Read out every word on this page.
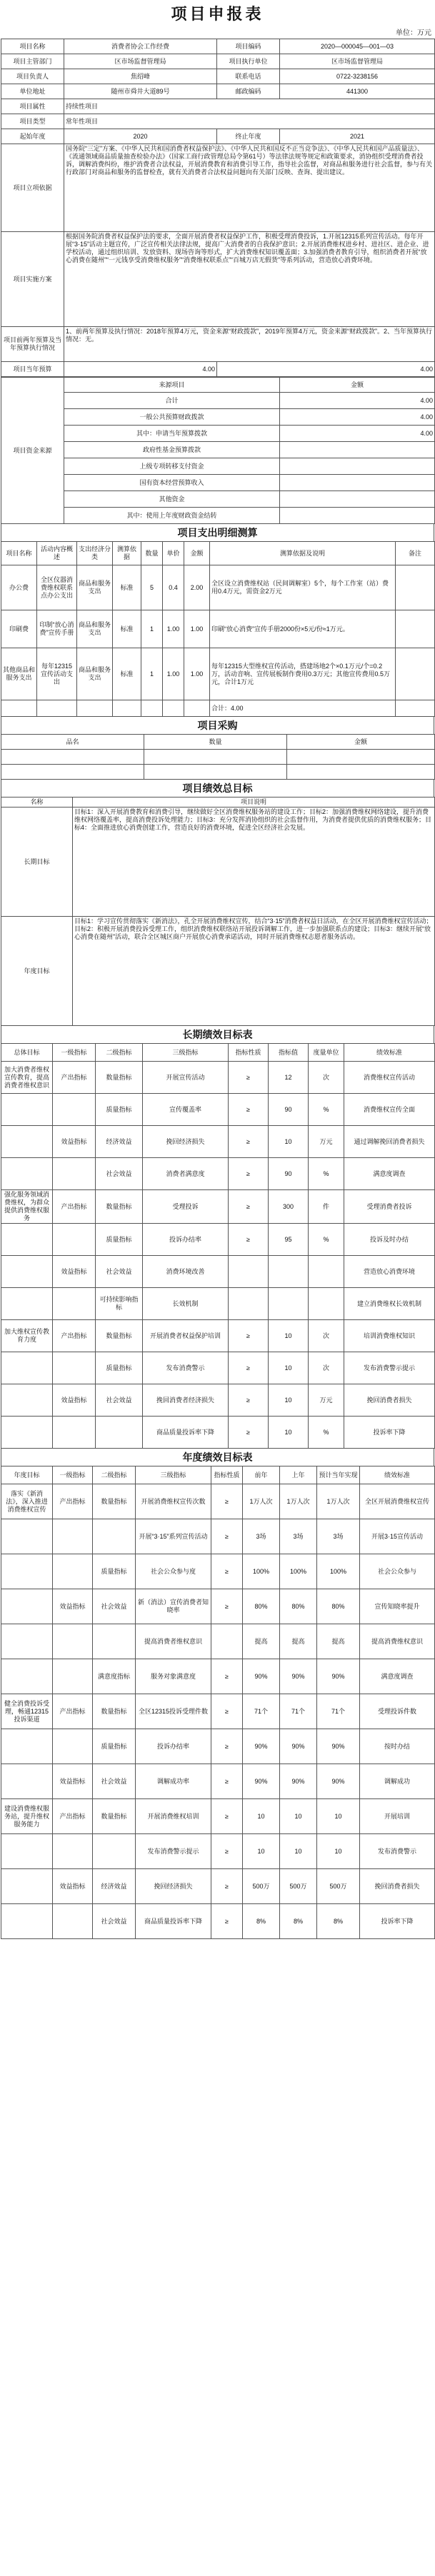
项目申报表
单位：万元
项目名称	消费者协会工作经费	项目编码	2020—000045—001—03
项目主管部门	区市场监督管理局	项目执行单位	区市场监督管理局
项目负责人	焦绍峰	联系电话	0722-3238156
单位地址	随州市舜井大道89号	邮政编码	441300
项目属性	持续性项目		
项目类型	常年性项目		
起始年度	2020	终止年度	2021
项目立项依据	国务院“三定”方案、《中华人民共和国消费者权益保护法》、《中华人民共和国反不正当竞争法》、《中华人民共和国产品质量法》、《流通领域商品质量抽查检验办法》（国家工商行政管理总局令第61号）等法律法规等规定和政策要求，消协组织受理消费者投诉，调解消费纠纷，维护消费者合法权益，开展消费教育和消费引导工作，指导社会监督，对商品和服务进行社会监督，参与有关行政部门对商品和服务的监督检查，就有关消费者合法权益问题向有关部门反映、查询、提出建议。		
项目实施方案	根据国务院消费者权益保护法的要求，全面开展消费者权益保护工作，积极受理消费投诉，1.开展12315系列宣传活动。每年开展“3·15”活动主题宣传，广泛宣传相关法律法规，提高广大消费者的自我保护意识；2.开展消费维权进乡村、进社区、进企业、进学校活动，通过组织培训、发放资料、现场咨询等形式，扩大消费维权知识覆盖面；3.加强消费者教育引导，组织消费者开展“放心消费在随州”“一元钱享受消费维权服务”“消费维权联系点”“百城万店无假货”等系列活动，营造放心消费环境。		
项目前两年预算及当年预算执行情况	1、前两年预算及执行情况：2018年预算4万元，资金来源“财政拨款”，2019年预算4万元，资金来源“财政拨款”。2、当年预算执行情况：无。		
项目当年预算	4.00	4.00	
项目资金来源	来源项目	金额
	合计	4.00
	一般公共预算财政拨款	4.00
	其中：申请当年预算拨款	4.00
	政府性基金预算拨款	
	上级专项转移支付资金	
	国有资本经营预算收入	
	其他资金	
	其中：使用上年度财政资金结转	
项目支出明细测算
项目名称	活动内容概述	支出经济分类	测算依据	数量	单价	金额	测算依据及说明	备注
办公费	全区仪器消费维权联系点办公支出	商品和服务支出	标准	5	0.4	2.00	全区设立消费维权站（民间调解室）5个，每个工作室（站）费用0.4万元，需资金2万元	
印刷费	印制“放心消费”宣传手册	商品和服务支出	标准	1	1.00	1.00	印刷“放心消费”宣传手册2000份×5元/份≈1万元。	
其他商品和服务支出	每年12315宣传活动支出	商品和服务支出	标准	1	1.00	1.00	每年12315大型维权宣传活动，搭建场地2个×0.1万元/个=0.2万，活动音响、宣传展板制作费用0.3万元；其他宣传费用0.5万元，合计1万元	
							合计：4.00	
项目采购
品名	数量	金额

项目绩效总目标
名称	项目说明
长期目标	目标1：深入开展消费教育和消费引导，继续做好全区消费维权服务站的建设工作；目标2：加强消费维权网络建设，提升消费维权网络覆盖率，提高消费投诉处理能力；目标3：充分发挥消协组织的社会监督作用，为消费者提供优质的消费维权服务；目标4：全面推进放心消费创建工作，营造良好的消费环境，促进全区经济社会发展。
年度目标	目标1：学习宣传贯彻落实《新消法》，孔全开展消费维权宣传，结合“3·15”消费者权益日活动，在全区开展消费维权宣传活动；目标2：积极开展消费投诉受理工作，组织消费维权联络站开展投诉调解工作，进一步加强联系点的建设；目标3：继续开展“放心消费在随州”活动，联合全区城区商户开展放心消费承诺活动，同时开展消费维权志愿者服务活动。
长期绩效目标表
总体目标	一级指标	二级指标	三级指标	指标性质	指标值	度量单位	绩效标准
加大消费者维权宣传教育，提高消费者维权意识	产出指标	数量指标	开展宣传活动	≥	12	次	消费维权宣传活动
		质量指标	宣传覆盖率	≥	90	%	消费维权宣传全面
	效益指标	经济效益	挽回经济损失	≥	10	万元	通过调解挽回消费者损失
		社会效益	消费者满意度	≥	90	%	满意度调查
强化服务领域消费维权，为群众提供消费维权服务	产出指标	数量指标	受理投诉	≥	300	件	受理消费者投诉
		质量指标	投诉办结率	≥	95	%	投诉及时办结
	效益指标	社会效益	消费环境改善				营造放心消费环境
		可持续影响指标	长效机制				建立消费维权长效机制
加大维权宣传教育力度	产出指标	数量指标	开展消费者权益保护培训	≥	10	次	培训消费维权知识
		质量指标	发布消费警示	≥	10	次	发布消费警示提示
	效益指标	社会效益	挽回消费者经济损失	≥	10	万元	挽回消费者损失
			商品质量投诉率下降	≥	10	%	投诉率下降
年度绩效目标表
年度目标	一级指标	二级指标	三级指标	指标性质	前年	上年	预计当年实现	绩效标准
落实《新消法》，深入推进消费维权宣传	产出指标	数量指标	开展消费维权宣传次数	≥	1万人次	1万人次	1万人次	全区开展消费维权宣传
			开展“3·15”系列宣传活动	≥	3场	3场	3场	开展3·15宣传活动
		质量指标	社会公众参与度	≥	100%	100%	100%	社会公众参与
	效益指标	社会效益	新（消法）宣传消费者知晓率	≥	80%	80%	80%	宣传知晓率提升
			提高消费者维权意识		提高	提高	提高	提高消费维权意识
		满意度指标	服务对象满意度	≥	90%	90%	90%	满意度调查
健全消费投诉受理，畅通12315投诉渠道	产出指标	数量指标	全区12315投诉受理件数	≥	71个	71个	71个	受理投诉件数
		质量指标	投诉办结率	≥	90%	90%	90%	按时办结
	效益指标	社会效益	调解成功率	≥	90%	90%	90%	调解成功
建设消费维权服务站，提升维权服务能力	产出指标	数量指标	开展消费维权培训	≥	10	10	10	开展培训
			发布消费警示提示	≥	10	10	10	发布消费警示
	效益指标	经济效益	挽回经济损失	≥	500万	500万	500万	挽回消费者损失
		社会效益	商品质量投诉率下降	≥	8%	8%	8%	投诉率下降
